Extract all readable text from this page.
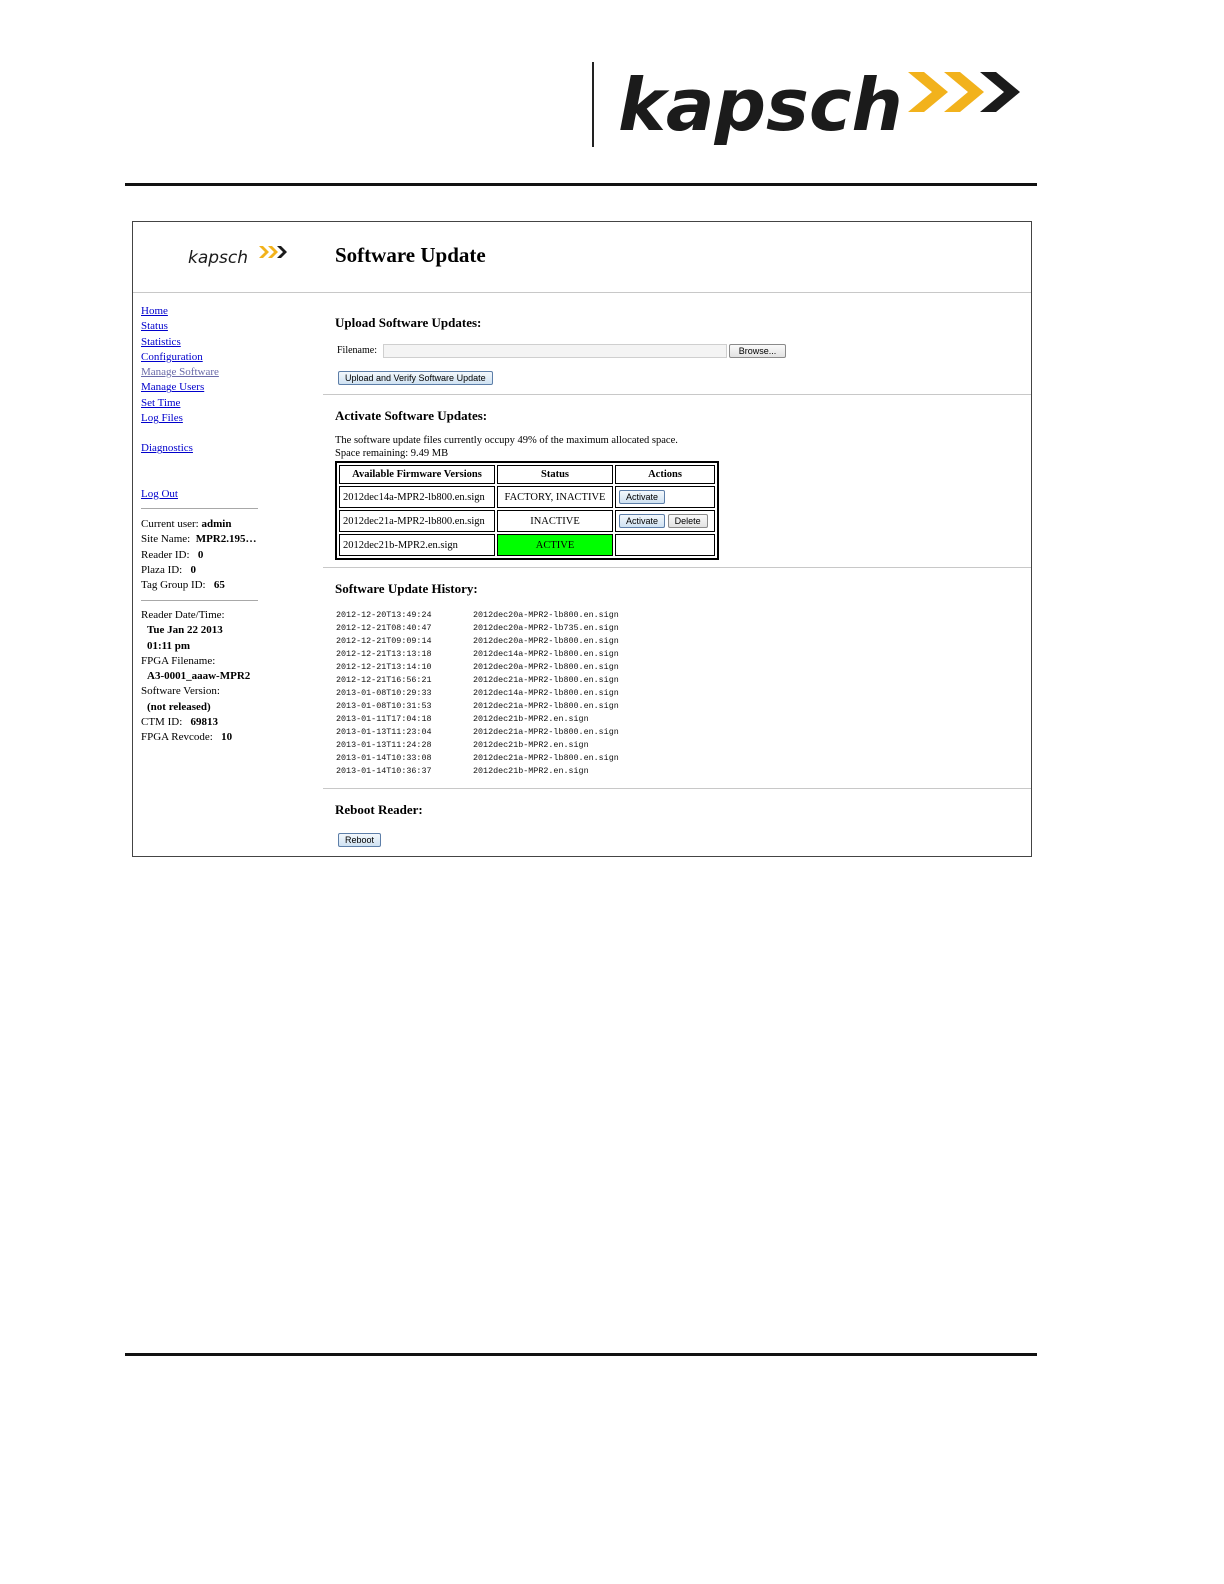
kapsch
kapsch	Software Update
Home
Status
Statistics
Configuration
Manage Software
Manage Users
Set Time
Log Files
Diagnostics
Log Out
Current user: admin
Site Name: MPR2.195…
Reader ID: 0
Plaza ID: 0
Tag Group ID: 65
Reader Date/Time:
Tue Jan 22 2013
01:11 pm
FPGA Filename:
A3-0001_aaaw-MPR2
Software Version:
(not released)
CTM ID: 69813
FPGA Revcode: 10
Upload Software Updates:
Filename:	Browse...
Upload and Verify Software Update
Activate Software Updates:
The software update files currently occupy 49% of the maximum allocated space.
Space remaining: 9.49 MB
Available Firmware Versions	Status	Actions
2012dec14a-MPR2-lb800.en.sign	FACTORY, INACTIVE	Activate

2012dec21a-MPR2-lb800.en.sign	INACTIVE	Activate Delete

2012dec21b-MPR2.en.sign	ACTIVE	
Software Update History:
2012-12-20T13:49:24	2012dec20a-MPR2-lb800.en.sign
2012-12-21T08:40:47	2012dec20a-MPR2-lb735.en.sign
2012-12-21T09:09:14	2012dec20a-MPR2-lb800.en.sign
2012-12-21T13:13:18	2012dec14a-MPR2-lb800.en.sign
2012-12-21T13:14:10	2012dec20a-MPR2-lb800.en.sign
2012-12-21T16:56:21	2012dec21a-MPR2-lb800.en.sign
2013-01-08T10:29:33	2012dec14a-MPR2-lb800.en.sign
2013-01-08T10:31:53	2012dec21a-MPR2-lb800.en.sign
2013-01-11T17:04:18	2012dec21b-MPR2.en.sign
2013-01-13T11:23:04	2012dec21a-MPR2-lb800.en.sign
2013-01-13T11:24:28	2012dec21b-MPR2.en.sign
2013-01-14T10:33:08	2012dec21a-MPR2-lb800.en.sign
2013-01-14T10:36:37	2012dec21b-MPR2.en.sign
Reboot Reader:
Reboot
